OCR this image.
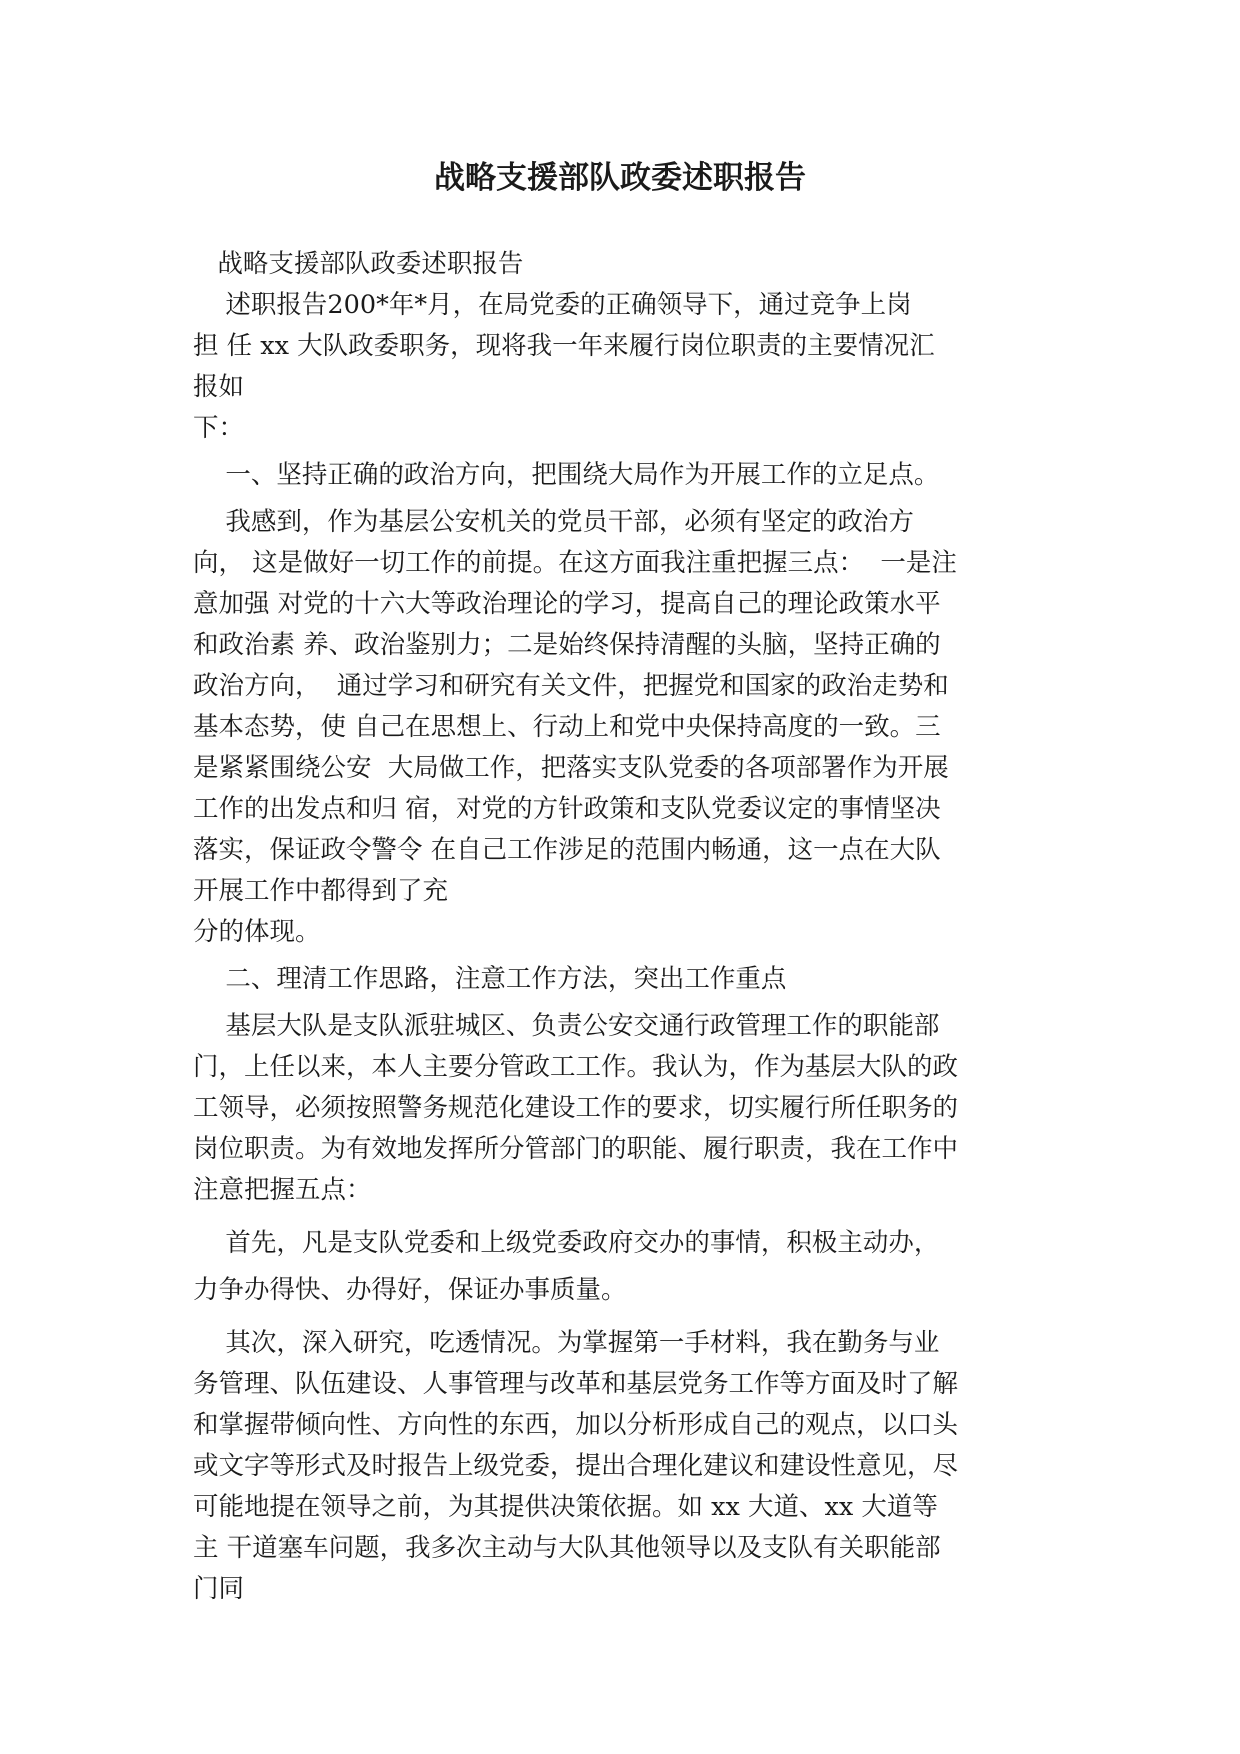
战略支援部队政委述职报告

战略支援部队政委述职报告

述职报告200*年*月，在局党委的正确领导下，通过竞争上岗

担 任 xx 大队政委职务，现将我一年来履行岗位职责的主要情况汇

报如

下：

一、坚持正确的政治方向，把围绕大局作为开展工作的立足点。

我感到，作为基层公安机关的党员干部，必须有坚定的政治方

向， 这是做好一切工作的前提。在这方面我注重把握三点：  一是注

意加强 对党的十六大等政治理论的学习，提高自己的理论政策水平

和政治素 养、政治鉴别力；二是始终保持清醒的头脑，坚持正确的

政治方向，  通过学习和研究有关文件，把握党和国家的政治走势和

基本态势，使 自己在思想上、行动上和党中央保持高度的一致。三

是紧紧围绕公安  大局做工作，把落实支队党委的各项部署作为开展

工作的出发点和归 宿，对党的方针政策和支队党委议定的事情坚决

落实，保证政令警令 在自己工作涉足的范围内畅通，这一点在大队

开展工作中都得到了充

分的体现。

二、理清工作思路，注意工作方法，突出工作重点

基层大队是支队派驻城区、负责公安交通行政管理工作的职能部

门，上任以来，本人主要分管政工工作。我认为，作为基层大队的政

工领导，必须按照警务规范化建设工作的要求，切实履行所任职务的

岗位职责。为有效地发挥所分管部门的职能、履行职责，我在工作中

注意把握五点：

首先，凡是支队党委和上级党委政府交办的事情，积极主动办，

力争办得快、办得好，保证办事质量。

其次，深入研究，吃透情况。为掌握第一手材料，我在勤务与业

务管理、队伍建设、人事管理与改革和基层党务工作等方面及时了解

和掌握带倾向性、方向性的东西，加以分析形成自己的观点，以口头

或文字等形式及时报告上级党委，提出合理化建议和建设性意见，尽

可能地提在领导之前，为其提供决策依据。如 xx 大道、xx 大道等

主 干道塞车问题，我多次主动与大队其他领导以及支队有关职能部

门同
